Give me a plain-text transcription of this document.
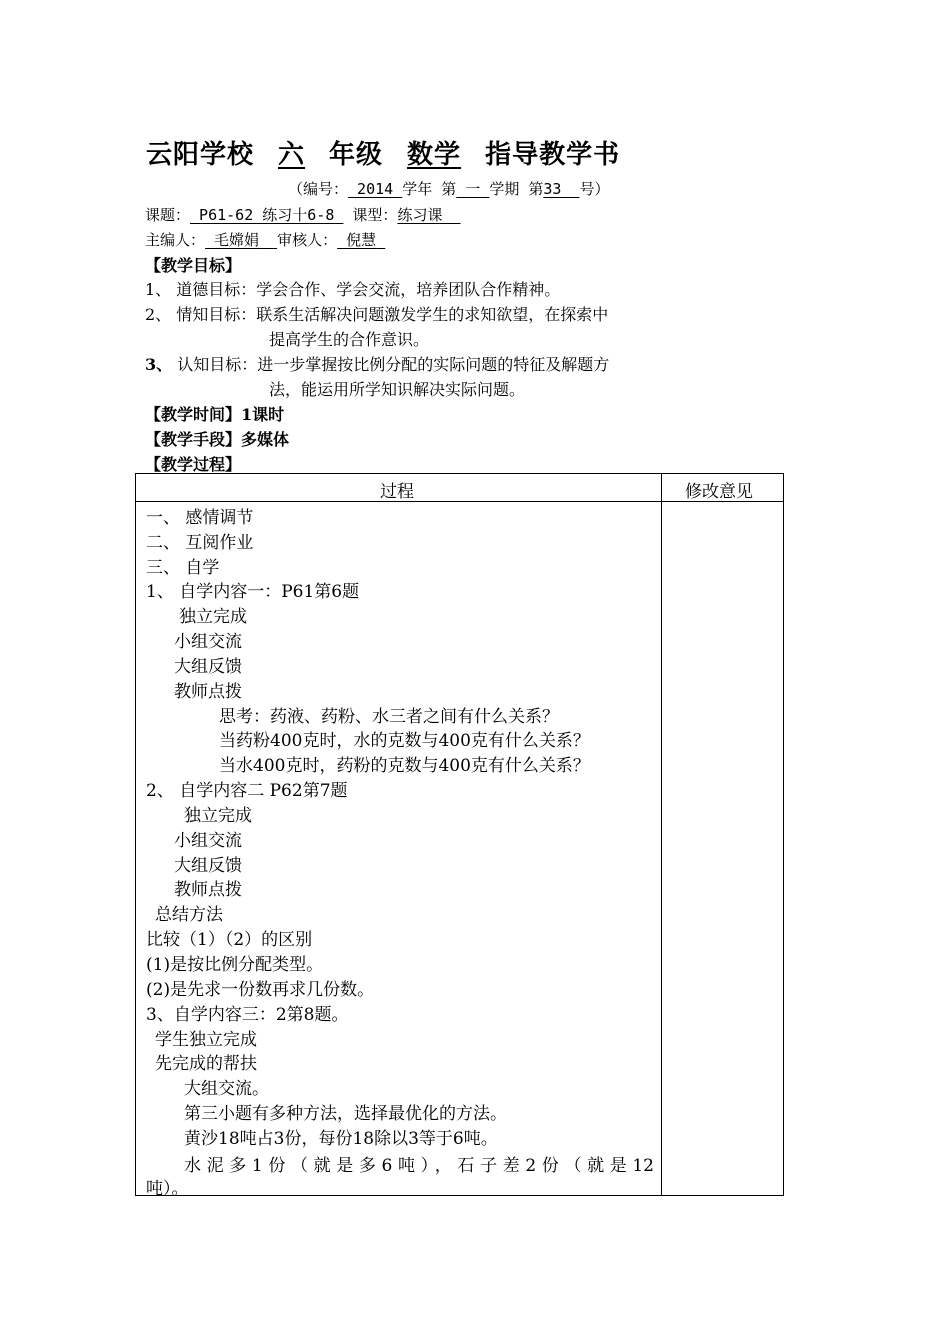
云阳学校 六 年级 数学 指导教学书
（编号： 2014 学年 第 一 学期 第33 号）
课题： P61-62 练习十6-8 课型：练习课
主编人： 毛嫦娟 审核人： 倪慧
【教学目标】
1、 道德目标：学会合作、学会交流，培养团队合作精神。
2、 情知目标：联系生活解决问题激发学生的求知欲望，在探索中
提高学生的合作意识。
3、 认知目标：进一步掌握按比例分配的实际问题的特征及解题方
法，能运用所学知识解决实际问题。
【教学时间】1课时
【教学手段】多媒体
【教学过程】
过程	修改意见
一、 感情调节
二、 互阅作业
三、 自学
1、 自学内容一：P61第6题
独立完成
小组交流
大组反馈
教师点拨
思考：药液、药粉、水三者之间有什么关系？
当药粉400克时，水的克数与400克有什么关系？
当水400克时，药粉的克数与400克有什么关系？
2、 自学内容二 P62第7题
独立完成
小组交流
大组反馈
教师点拨
总结方法
比较（1）（2）的区别
(1)是按比例分配类型。
(2)是先求一份数再求几份数。
3、自学内容三：2第8题。
学生独立完成
先完成的帮扶
大组交流。
第三小题有多种方法，选择最优化的方法。
黄沙18吨占3份，每份18除以3等于6吨。
水泥多1份（就是多6吨），石子差2份（就是12
吨）。
